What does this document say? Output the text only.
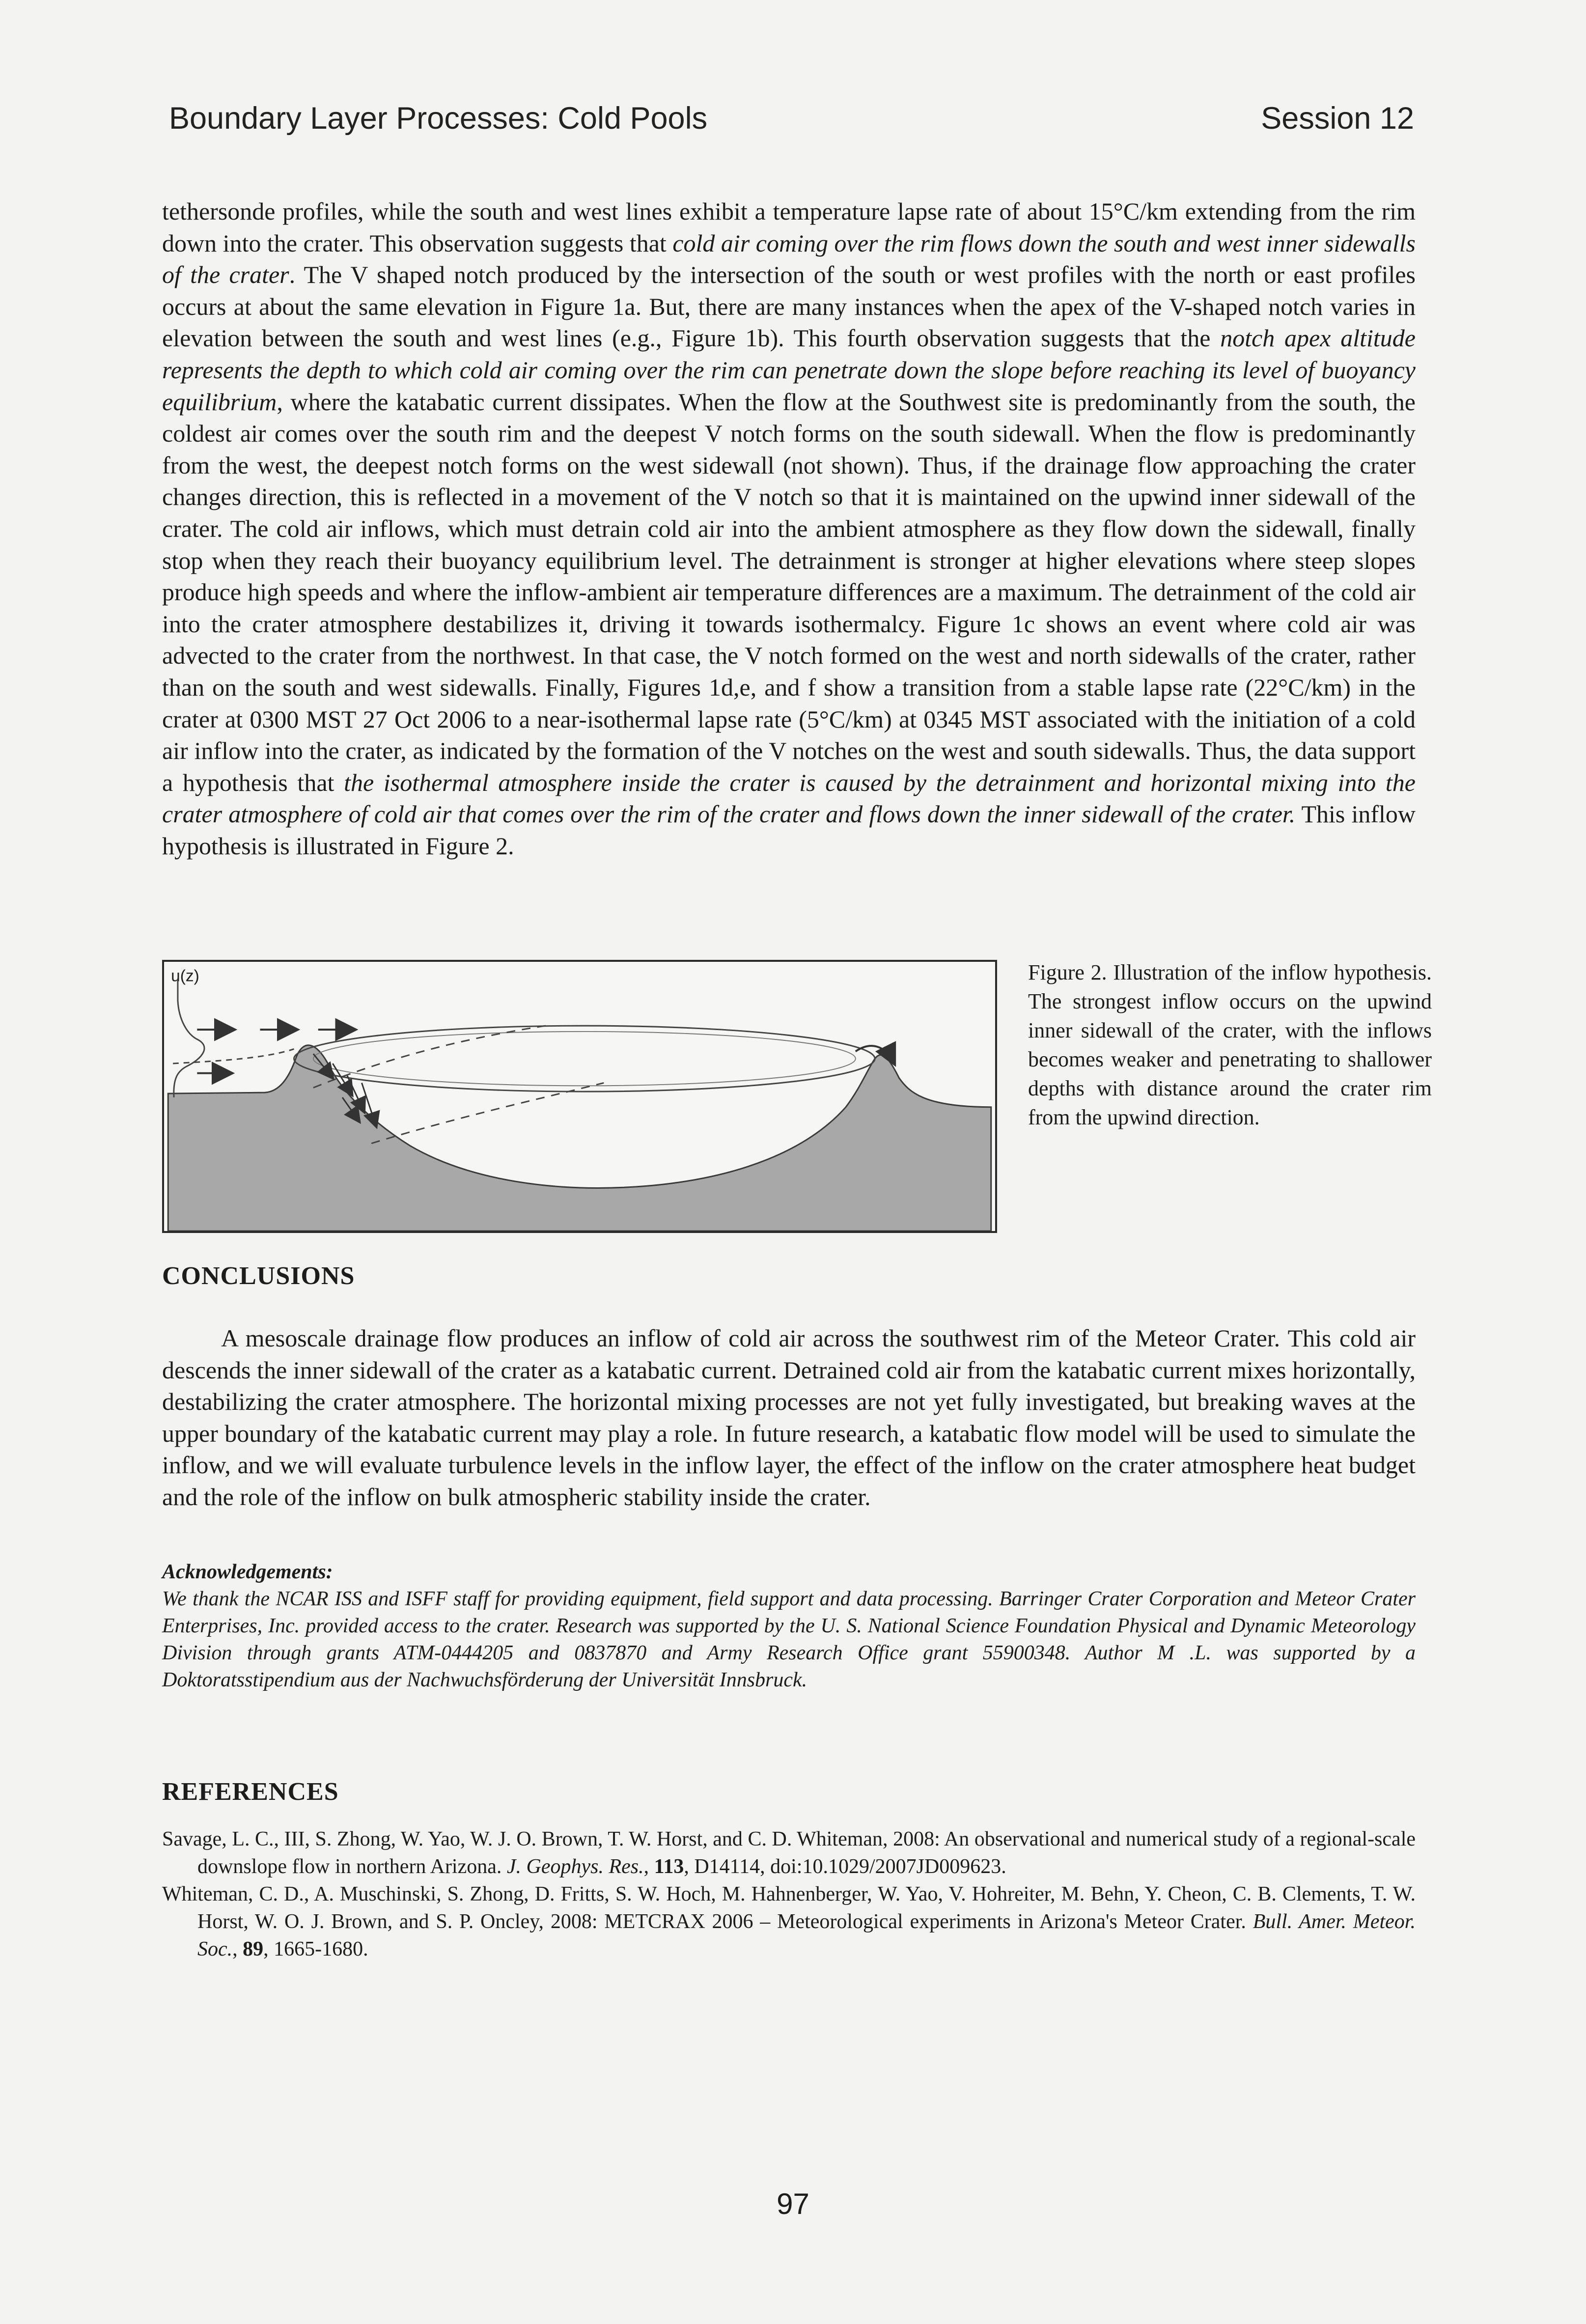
Boundary Layer Processes: Cold Pools	Session 12

tethersonde profiles, while the south and west lines exhibit a temperature lapse rate of about 15°C/km extending from the rim down into the crater. This observation suggests that cold air coming over the rim flows down the south and west inner sidewalls of the crater. The V shaped notch produced by the intersection of the south or west profiles with the north or east profiles occurs at about the same elevation in Figure 1a. But, there are many instances when the apex of the V-shaped notch varies in elevation between the south and west lines (e.g., Figure 1b). This fourth observation suggests that the notch apex altitude represents the depth to which cold air coming over the rim can penetrate down the slope before reaching its level of buoyancy equilibrium, where the katabatic current dissipates. When the flow at the Southwest site is predominantly from the south, the coldest air comes over the south rim and the deepest V notch forms on the south sidewall. When the flow is predominantly from the west, the deepest notch forms on the west sidewall (not shown). Thus, if the drainage flow approaching the crater changes direction, this is reflected in a movement of the V notch so that it is maintained on the upwind inner sidewall of the crater. The cold air inflows, which must detrain cold air into the ambient atmosphere as they flow down the sidewall, finally stop when they reach their buoyancy equilibrium level. The detrainment is stronger at higher elevations where steep slopes produce high speeds and where the inflow-ambient air temperature differences are a maximum. The detrainment of the cold air into the crater atmosphere destabilizes it, driving it towards isothermalcy. Figure 1c shows an event where cold air was advected to the crater from the northwest. In that case, the V notch formed on the west and north sidewalls of the crater, rather than on the south and west sidewalls. Finally, Figures 1d,e, and f show a transition from a stable lapse rate (22°C/km) in the crater at 0300 MST 27 Oct 2006 to a near-isothermal lapse rate (5°C/km) at 0345 MST associated with the initiation of a cold air inflow into the crater, as indicated by the formation of the V notches on the west and south sidewalls. Thus, the data support a hypothesis that the isothermal atmosphere inside the crater is caused by the detrainment and horizontal mixing into the crater atmosphere of cold air that comes over the rim of the crater and flows down the inner sidewall of the crater. This inflow hypothesis is illustrated in Figure 2.

u(z)	Figure 2. Illustration of the inflow hypothesis. The strongest inflow occurs on the upwind inner sidewall of the crater, with the inflows becomes weaker and penetrating to shallower depths with distance around the crater rim from the upwind direction.

CONCLUSIONS

A mesoscale drainage flow produces an inflow of cold air across the southwest rim of the Meteor Crater. This cold air descends the inner sidewall of the crater as a katabatic current. Detrained cold air from the katabatic current mixes horizontally, destabilizing the crater atmosphere. The horizontal mixing processes are not yet fully investigated, but breaking waves at the upper boundary of the katabatic current may play a role. In future research, a katabatic flow model will be used to simulate the inflow, and we will evaluate turbulence levels in the inflow layer, the effect of the inflow on the crater atmosphere heat budget and the role of the inflow on bulk atmospheric stability inside the crater.

Acknowledgements:

We thank the NCAR ISS and ISFF staff for providing equipment, field support and data processing. Barringer Crater Corporation and Meteor Crater Enterprises, Inc. provided access to the crater. Research was supported by the U. S. National Science Foundation Physical and Dynamic Meteorology Division through grants ATM-0444205 and 0837870 and Army Research Office grant 55900348. Author M .L. was supported by a Doktoratsstipendium aus der Nachwuchsförderung der Universität Innsbruck.

REFERENCES
Savage, L. C., III, S. Zhong, W. Yao, W. J. O. Brown, T. W. Horst, and C. D. Whiteman, 2008: An observational and numerical study of a regional-scale downslope flow in northern Arizona. J. Geophys. Res., 113, D14114, doi:10.1029/2007JD009623.
Whiteman, C. D., A. Muschinski, S. Zhong, D. Fritts, S. W. Hoch, M. Hahnenberger, W. Yao, V. Hohreiter, M. Behn, Y. Cheon, C. B. Clements, T. W. Horst, W. O. J. Brown, and S. P. Oncley, 2008: METCRAX 2006 – Meteorological experiments in Arizona's Meteor Crater. Bull. Amer. Meteor. Soc., 89, 1665-1680.
97
